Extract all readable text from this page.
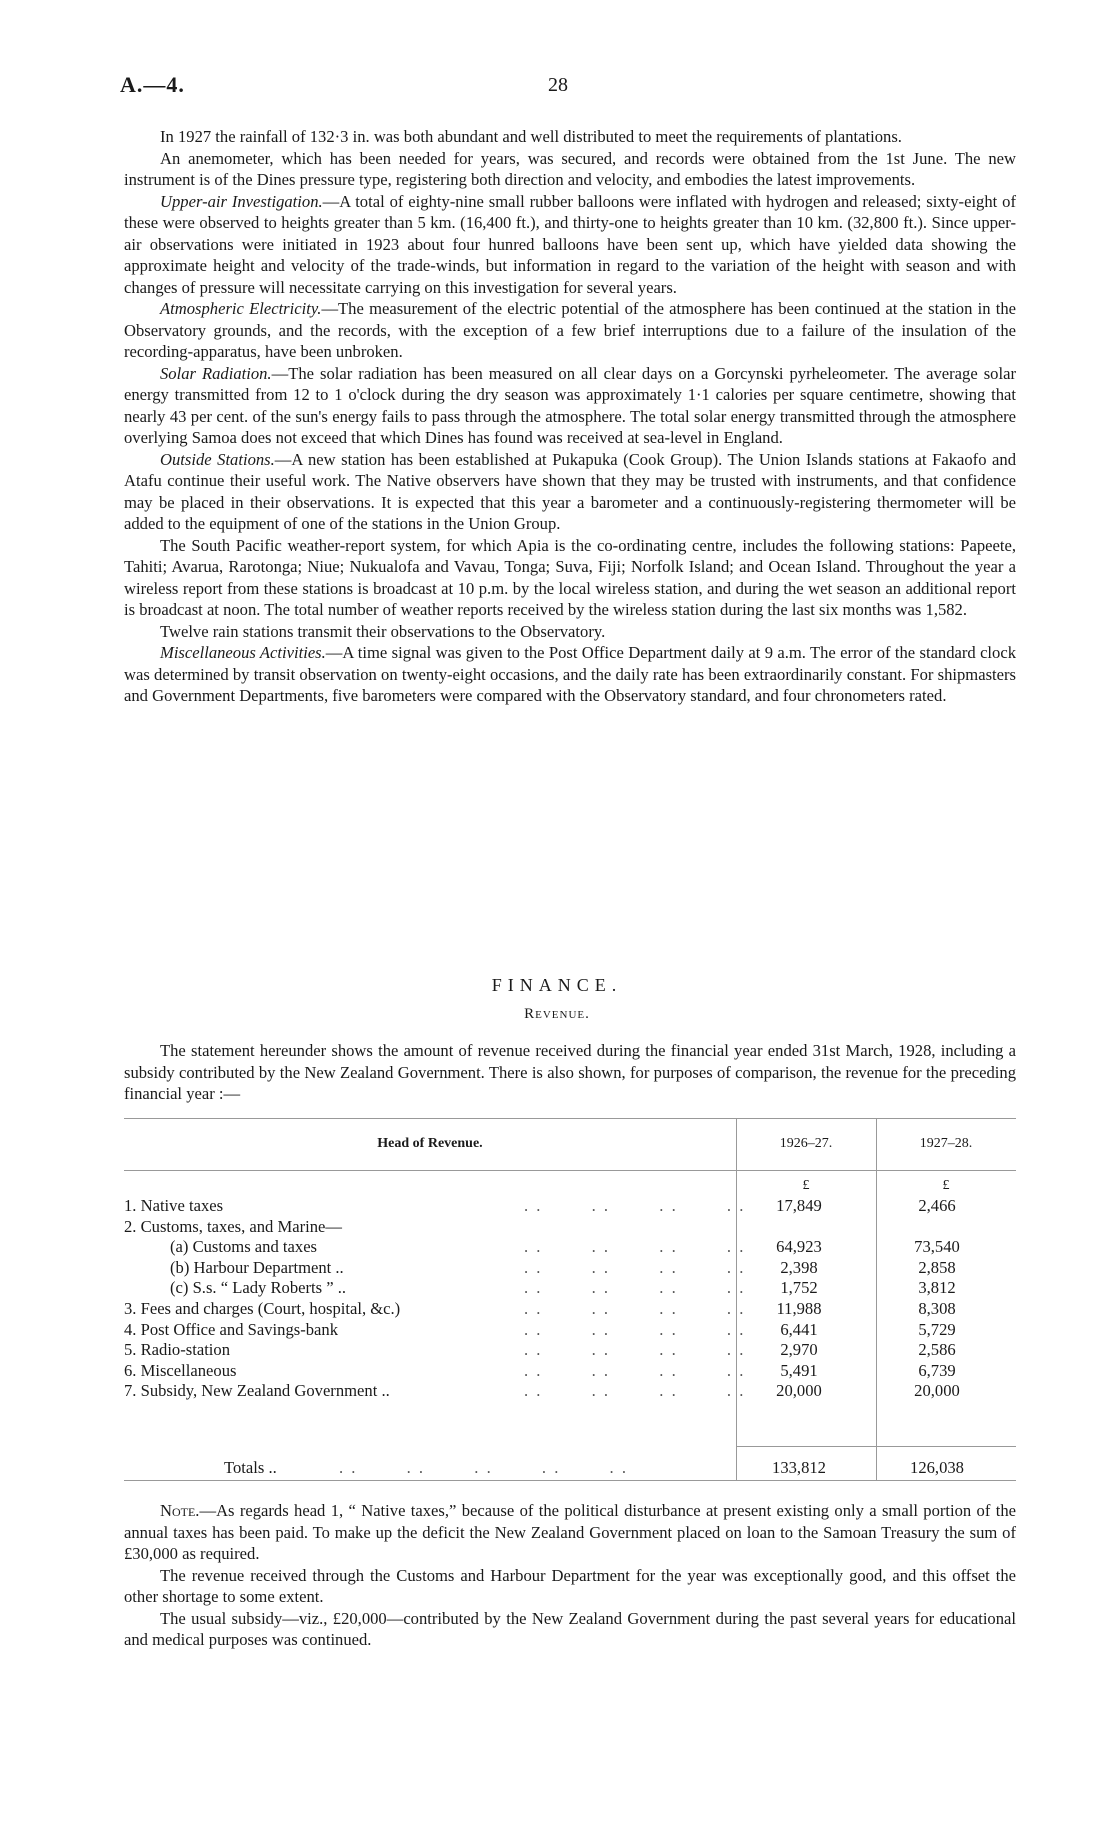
A.—4.	28

In 1927 the rainfall of 132·3 in. was both abundant and well distributed to meet the requirements of plantations.

An anemometer, which has been needed for years, was secured, and records were obtained from the 1st June. The new instrument is of the Dines pressure type, registering both direction and velocity, and embodies the latest improvements.

Upper-air Investigation.—A total of eighty-nine small rubber balloons were inflated with hydrogen and released; sixty-eight of these were observed to heights greater than 5 km. (16,400 ft.), and thirty-one to heights greater than 10 km. (32,800 ft.). Since upper-air observations were initiated in 1923 about four hunred balloons have been sent up, which have yielded data showing the approximate height and velocity of the trade-winds, but information in regard to the variation of the height with season and with changes of pressure will necessitate carrying on this investigation for several years.

Atmospheric Electricity.—The measurement of the electric potential of the atmosphere has been continued at the station in the Observatory grounds, and the records, with the exception of a few brief interruptions due to a failure of the insulation of the recording-apparatus, have been unbroken.

Solar Radiation.—The solar radiation has been measured on all clear days on a Gorcynski pyrheleometer. The average solar energy transmitted from 12 to 1 o'clock during the dry season was approximately 1·1 calories per square centimetre, showing that nearly 43 per cent. of the sun's energy fails to pass through the atmosphere. The total solar energy transmitted through the atmosphere overlying Samoa does not exceed that which Dines has found was received at sea-level in England.

Outside Stations.—A new station has been established at Pukapuka (Cook Group). The Union Islands stations at Fakaofo and Atafu continue their useful work. The Native observers have shown that they may be trusted with instruments, and that confidence may be placed in their observations. It is expected that this year a barometer and a continuously-registering thermometer will be added to the equipment of one of the stations in the Union Group.

The South Pacific weather-report system, for which Apia is the co-ordinating centre, includes the following stations: Papeete, Tahiti; Avarua, Rarotonga; Niue; Nukualofa and Vavau, Tonga; Suva, Fiji; Norfolk Island; and Ocean Island. Throughout the year a wireless report from these stations is broadcast at 10 p.m. by the local wireless station, and during the wet season an additional report is broadcast at noon. The total number of weather reports received by the wireless station during the last six months was 1,582.

Twelve rain stations transmit their observations to the Observatory.

Miscellaneous Activities.—A time signal was given to the Post Office Department daily at 9 a.m. The error of the standard clock was determined by transit observation on twenty-eight occasions, and the daily rate has been extraordinarily constant. For shipmasters and Government Departments, five barometers were compared with the Observatory standard, and four chronometers rated.

FINANCE.
Revenue.

The statement hereunder shows the amount of revenue received during the financial year ended 31st March, 1928, including a subsidy contributed by the New Zealand Government. There is also shown, for purposes of comparison, the revenue for the preceding financial year :—

Head of Revenue.	1926–27.	1927–28.
£	£
1. Native taxes	. .        . .        . .        . .	17,849	2,466
2. Customs, taxes, and Marine—
(a) Customs and taxes	. .        . .        . .        . .	64,923	73,540
(b) Harbour Department ..	. .        . .        . .        . .	2,398	2,858
(c) S.s. “ Lady Roberts ” ..	. .        . .        . .        . .	1,752	3,812
3. Fees and charges (Court, hospital, &c.)	. .        . .        . .        . .	11,988	8,308
4. Post Office and Savings-bank	. .        . .        . .        . .	6,441	5,729
5. Radio-station	. .        . .        . .        . .	2,970	2,586
6. Miscellaneous	. .        . .        . .        . .	5,491	6,739
7. Subsidy, New Zealand Government ..	. .        . .        . .        . .	20,000	20,000
Totals ..	. .        . .        . .        . .        . .	133,812	126,038

Note.—As regards head 1, “ Native taxes,” because of the political disturbance at present existing only a small portion of the annual taxes has been paid. To make up the deficit the New Zealand Government placed on loan to the Samoan Treasury the sum of £30,000 as required.

The revenue received through the Customs and Harbour Department for the year was exceptionally good, and this offset the other shortage to some extent.

The usual subsidy—viz., £20,000—contributed by the New Zealand Government during the past several years for educational and medical purposes was continued.
